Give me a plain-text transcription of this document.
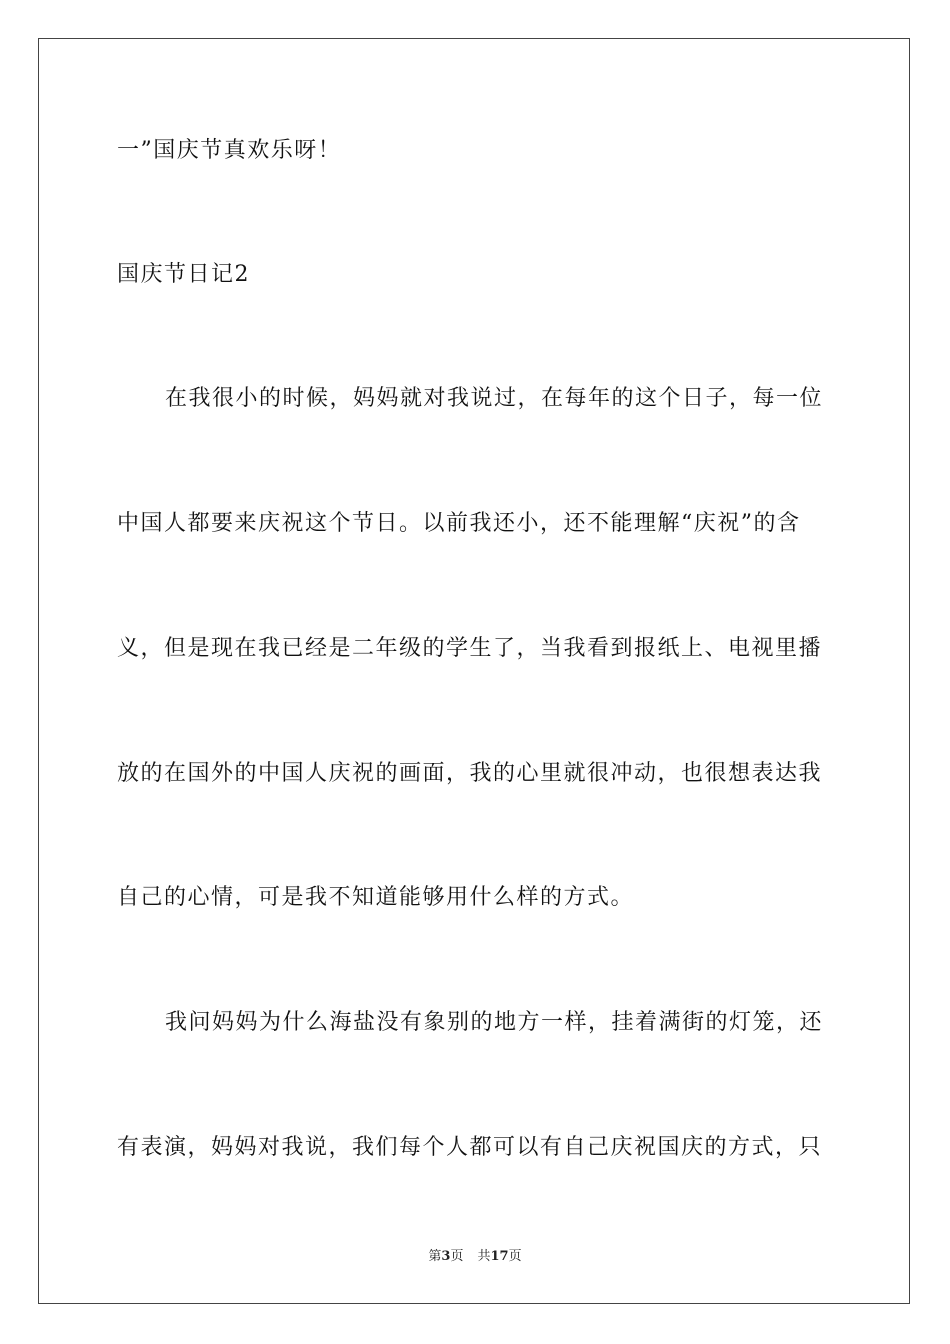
一”国庆节真欢乐呀！
国庆节日记2
在我很小的时候，妈妈就对我说过，在每年的这个日子，每一位
中国人都要来庆祝这个节日。以前我还小，还不能理解“庆祝”的含
义，但是现在我已经是二年级的学生了，当我看到报纸上、电视里播
放的在国外的中国人庆祝的画面，我的心里就很冲动，也很想表达我
自己的心情，可是我不知道能够用什么样的方式。
我问妈妈为什么海盐没有象别的地方一样，挂着满街的灯笼，还
有表演，妈妈对我说，我们每个人都可以有自己庆祝国庆的方式，只
第3页 共17页
